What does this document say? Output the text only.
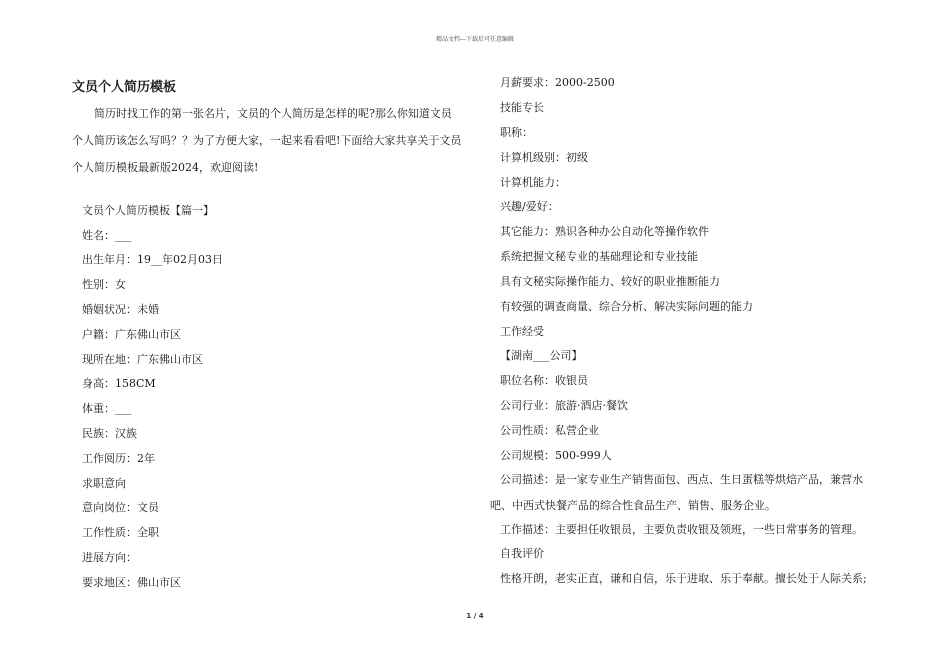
精品文档---下载后可任意编辑
文员个人简历模板

简历时找工作的第一张名片，文员的个人简历是怎样的呢?那么你知道文员个人简历该怎么写吗？？为了方便大家，一起来看看吧!下面给大家共享关于文员个人简历模板最新版2024，欢迎阅读!

文员个人简历模板【篇一】
姓名：___
出生年月：19__年02月03日
性别：女
婚姻状况：未婚
户籍：广东佛山市区
现所在地：广东佛山市区
身高：158CM
体重：___
民族：汉族
工作阅历：2年
求职意向
意向岗位：文员
工作性质：全职
进展方向：
要求地区：佛山市区
月薪要求：2000-2500
技能专长
职称：
计算机级别：初级
计算机能力：
兴趣/爱好：
其它能力：熟识各种办公自动化等操作软件
系统把握文秘专业的基础理论和专业技能
具有文秘实际操作能力、较好的职业推断能力
有较强的调查商量、综合分析、解决实际问题的能力
工作经受
【湖南___公司】
职位名称：收银员
公司行业：旅游·酒店·餐饮
公司性质：私营企业
公司规模：500-999人

公司描述：是一家专业生产销售面包、西点、生日蛋糕等烘焙产品，兼营水吧、中西式快餐产品的综合性食品生产、销售、服务企业。

工作描述：主要担任收银员，主要负责收银及领班，一些日常事务的管理。
自我评价
性格开朗，老实正直，谦和自信，乐于进取、乐于奉献。擅长处于人际关系;
1 / 4
